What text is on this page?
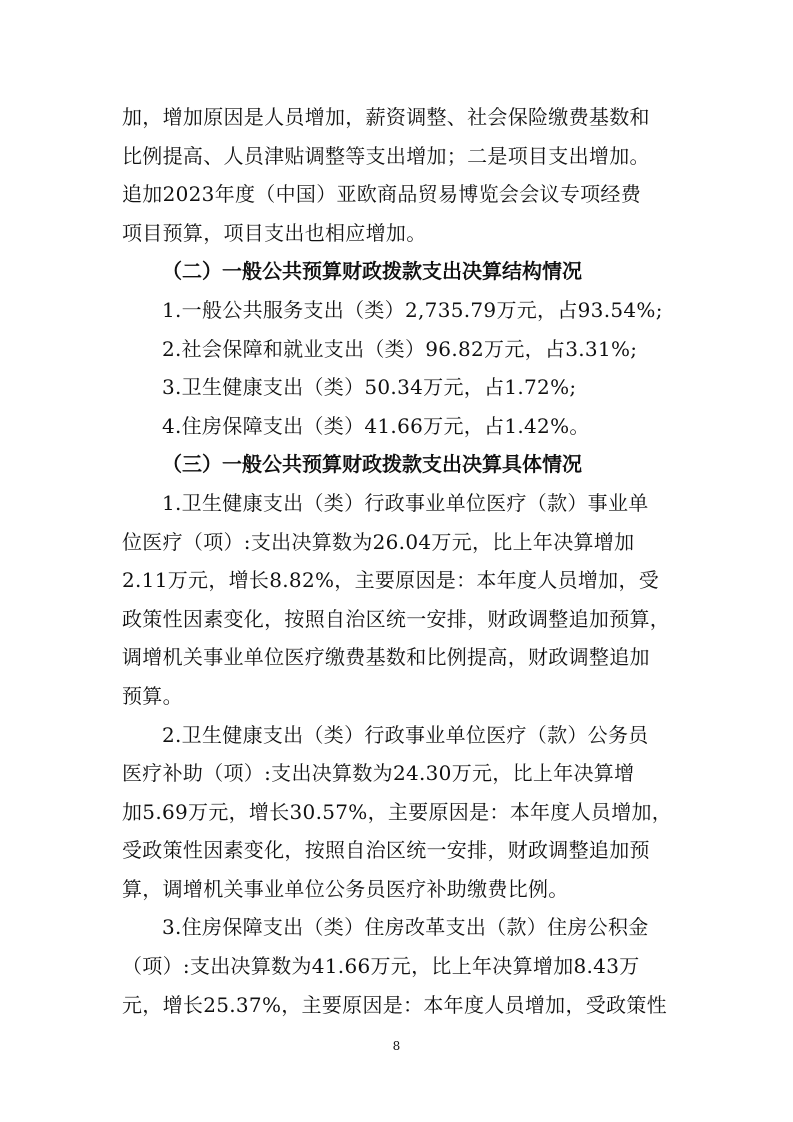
加，增加原因是人员增加，薪资调整、社会保险缴费基数和
比例提高、人员津贴调整等支出增加；二是项目支出增加。
追加2023年度（中国）亚欧商品贸易博览会会议专项经费
项目预算，项目支出也相应增加。

（二）一般公共预算财政拨款支出决算结构情况

1.一般公共服务支出（类）2,735.79万元，占93.54%;

2.社会保障和就业支出（类）96.82万元，占3.31%;

3.卫生健康支出（类）50.34万元，占1.72%;

4.住房保障支出（类）41.66万元，占1.42%。

（三）一般公共预算财政拨款支出决算具体情况

1.卫生健康支出（类）行政事业单位医疗（款）事业单
位医疗（项）:支出决算数为26.04万元，比上年决算增加
2.11万元，增长8.82%，主要原因是：本年度人员增加，受
政策性因素变化，按照自治区统一安排，财政调整追加预算，
调增机关事业单位医疗缴费基数和比例提高，财政调整追加
预算。

2.卫生健康支出（类）行政事业单位医疗（款）公务员
医疗补助（项）:支出决算数为24.30万元，比上年决算增
加5.69万元，增长30.57%，主要原因是：本年度人员增加，
受政策性因素变化，按照自治区统一安排，财政调整追加预
算，调增机关事业单位公务员医疗补助缴费比例。

3.住房保障支出（类）住房改革支出（款）住房公积金
（项）:支出决算数为41.66万元，比上年决算增加8.43万
元，增长25.37%，主要原因是：本年度人员增加，受政策性

8
